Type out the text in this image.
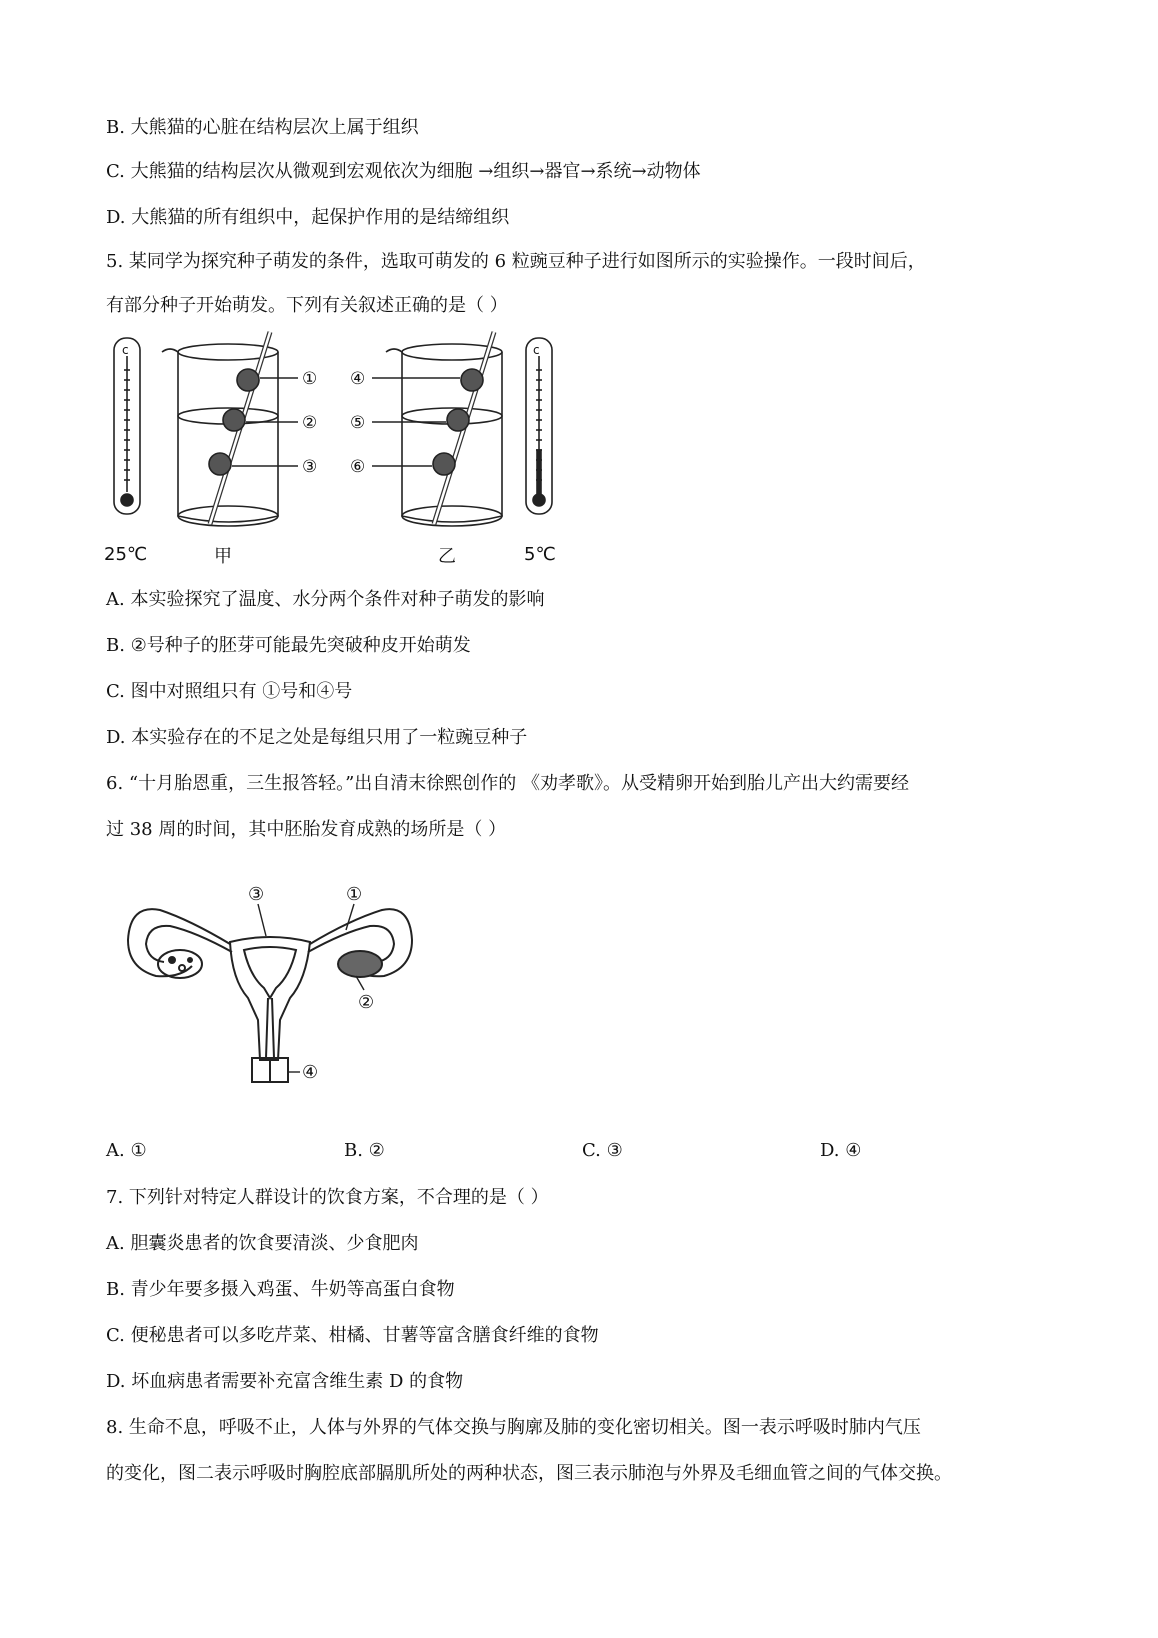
B. 大熊猫的心脏在结构层次上属于组织
C. 大熊猫的结构层次从微观到宏观依次为细胞 →组织→器官→系统→动物体
D. 大熊猫的所有组织中，起保护作用的是结缔组织
5. 某同学为探究种子萌发的条件，选取可萌发的 6 粒豌豆种子进行如图所示的实验操作。一段时间后，
有部分种子开始萌发。下列有关叙述正确的是（ ）
c	c
①
②
③
④
⑤
⑥
25℃	甲	乙	5℃
A. 本实验探究了温度、水分两个条件对种子萌发的影响
B. ②号种子的胚芽可能最先突破种皮开始萌发
C. 图中对照组只有 ①号和④号
D. 本实验存在的不足之处是每组只用了一粒豌豆种子
6. “十月胎恩重，三生报答轻。”出自清末徐熙创作的 《劝孝歌》。从受精卵开始到胎儿产出大约需要经
过 38 周的时间，其中胚胎发育成熟的场所是（ ）
③	①
②
④
A. ①	B. ②	C. ③	D. ④
7. 下列针对特定人群设计的饮食方案，不合理的是（ ）
A. 胆囊炎患者的饮食要清淡、少食肥肉
B. 青少年要多摄入鸡蛋、牛奶等高蛋白食物
C. 便秘患者可以多吃芹菜、柑橘、甘薯等富含膳食纤维的食物
D. 坏血病患者需要补充富含维生素 D 的食物
8. 生命不息，呼吸不止，人体与外界的气体交换与胸廓及肺的变化密切相关。图一表示呼吸时肺内气压
的变化，图二表示呼吸时胸腔底部膈肌所处的两种状态，图三表示肺泡与外界及毛细血管之间的气体交换。
